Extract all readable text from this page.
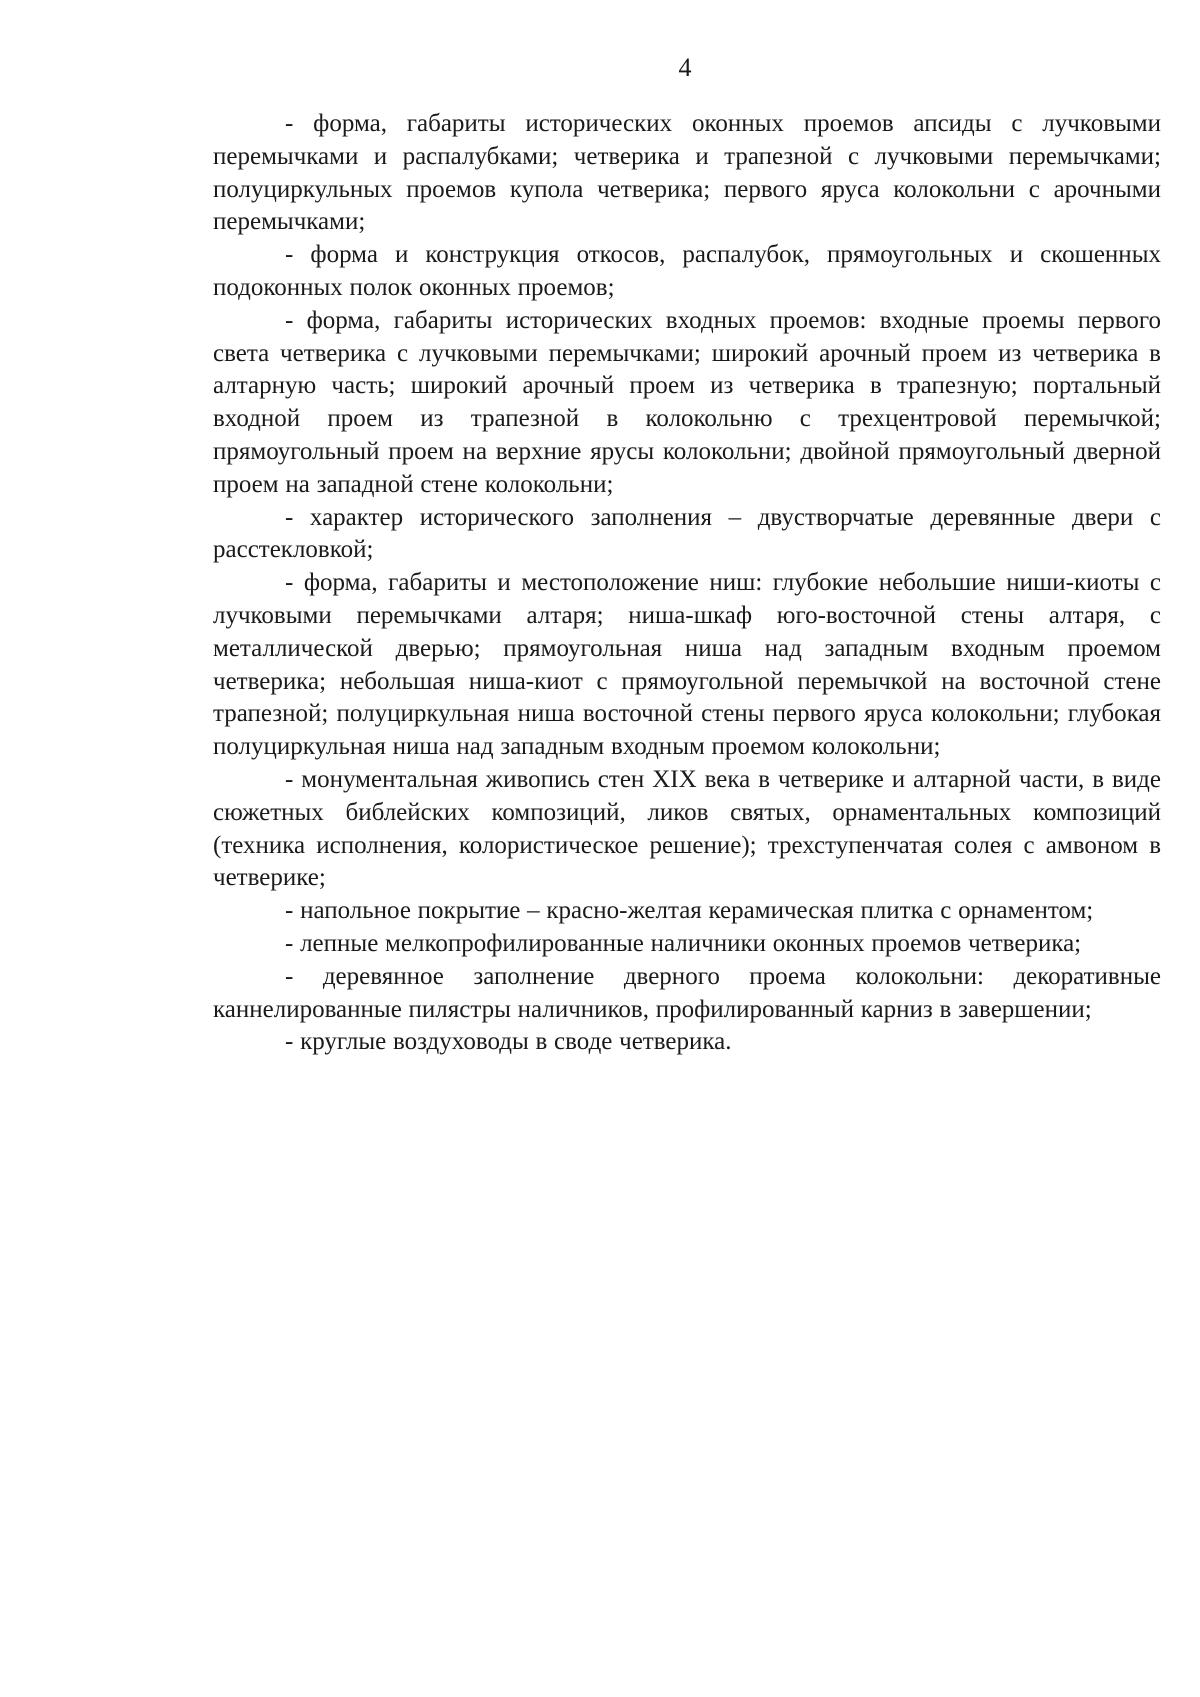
4

- форма, габариты исторических оконных проемов апсиды с лучковыми перемычками и распалубками; четверика и трапезной с лучковыми перемычками; полуциркульных проемов купола четверика; первого яруса колокольни с арочными перемычками;

- форма и конструкция откосов, распалубок, прямоугольных и скошенных подоконных полок оконных проемов;

- форма, габариты исторических входных проемов: входные проемы первого света четверика с лучковыми перемычками; широкий арочный проем из четверика в алтарную часть; широкий арочный проем из четверика в трапезную; портальный входной проем из трапезной в колокольню с трехцентровой перемычкой; прямоугольный проем на верхние ярусы колокольни; двойной прямоугольный дверной проем на западной стене колокольни;

- характер исторического заполнения – двустворчатые деревянные двери с расстекловкой;

- форма, габариты и местоположение ниш: глубокие небольшие ниши-киоты с лучковыми перемычками алтаря; ниша-шкаф юго-восточной стены алтаря, с металлической дверью; прямоугольная ниша над западным входным проемом четверика; небольшая ниша-киот с прямоугольной перемычкой на восточной стене трапезной; полуциркульная ниша восточной стены первого яруса колокольни; глубокая полуциркульная ниша над западным входным проемом колокольни;

- монументальная живопись стен XIX века в четверике и алтарной части, в виде сюжетных библейских композиций, ликов святых, орнаментальных композиций (техника исполнения, колористическое решение); трехступенчатая солея с амвоном в четверике;

- напольное покрытие – красно-желтая керамическая плитка с орнаментом;

- лепные мелкопрофилированные наличники оконных проемов четверика;

- деревянное заполнение дверного проема колокольни: декоративные каннелированные пилястры наличников, профилированный карниз в завершении;

- круглые воздуховоды в своде четверика.
